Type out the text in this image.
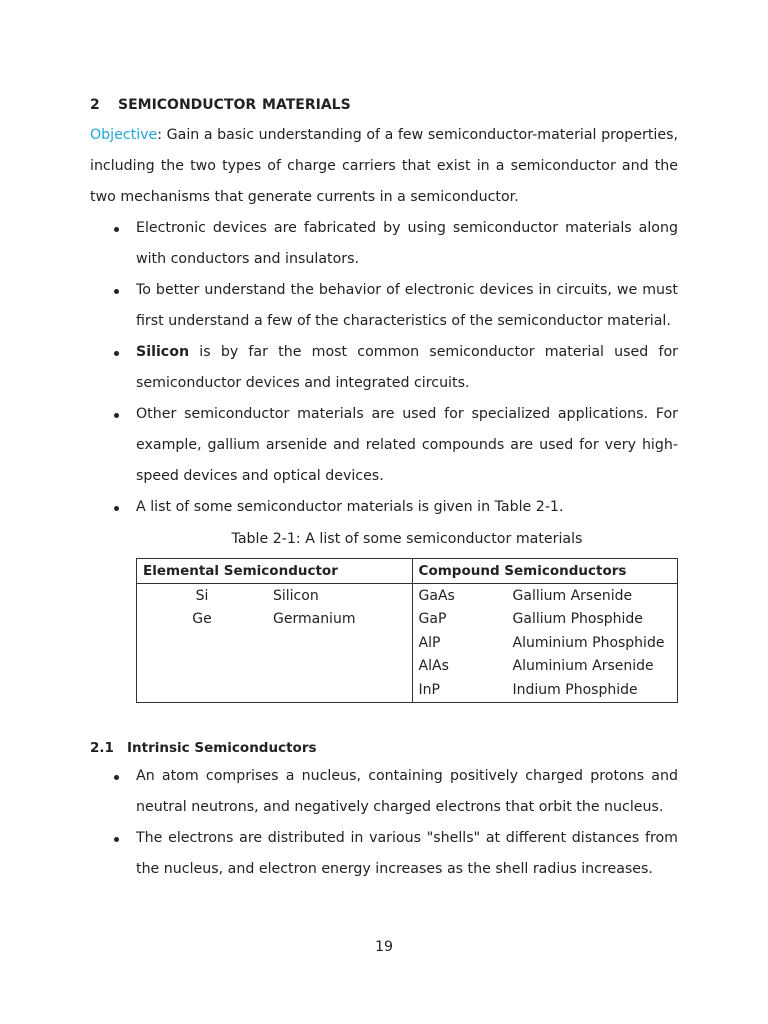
2 SEMICONDUCTOR MATERIALS

Objective: Gain a basic understanding of a few semiconductor-material properties, including the two types of charge carriers that exist in a semiconductor and the two mechanisms that generate currents in a semiconductor.

Electronic devices are fabricated by using semiconductor materials along with conductors and insulators.
To better understand the behavior of electronic devices in circuits, we must first understand a few of the characteristics of the semiconductor material.
Silicon is by far the most common semiconductor material used for semiconductor devices and integrated circuits.
Other semiconductor materials are used for specialized applications. For example, gallium arsenide and related compounds are used for very high-speed devices and optical devices.
A list of some semiconductor materials is given in Table 2-1.
Table 2-1: A list of some semiconductor materials
Elemental Semiconductor		Compound Semiconductors	
Si	Silicon	GaAs	Gallium Arsenide
Ge	Germanium	GaP	Gallium Phosphide
		AlP	Aluminium Phosphide
		AlAs	Aluminium Arsenide
		InP	Indium Phosphide
2.1 Intrinsic Semiconductors
An atom comprises a nucleus, containing positively charged protons and neutral neutrons, and negatively charged electrons that orbit the nucleus.
The electrons are distributed in various "shells" at different distances from the nucleus, and electron energy increases as the shell radius increases.
19
